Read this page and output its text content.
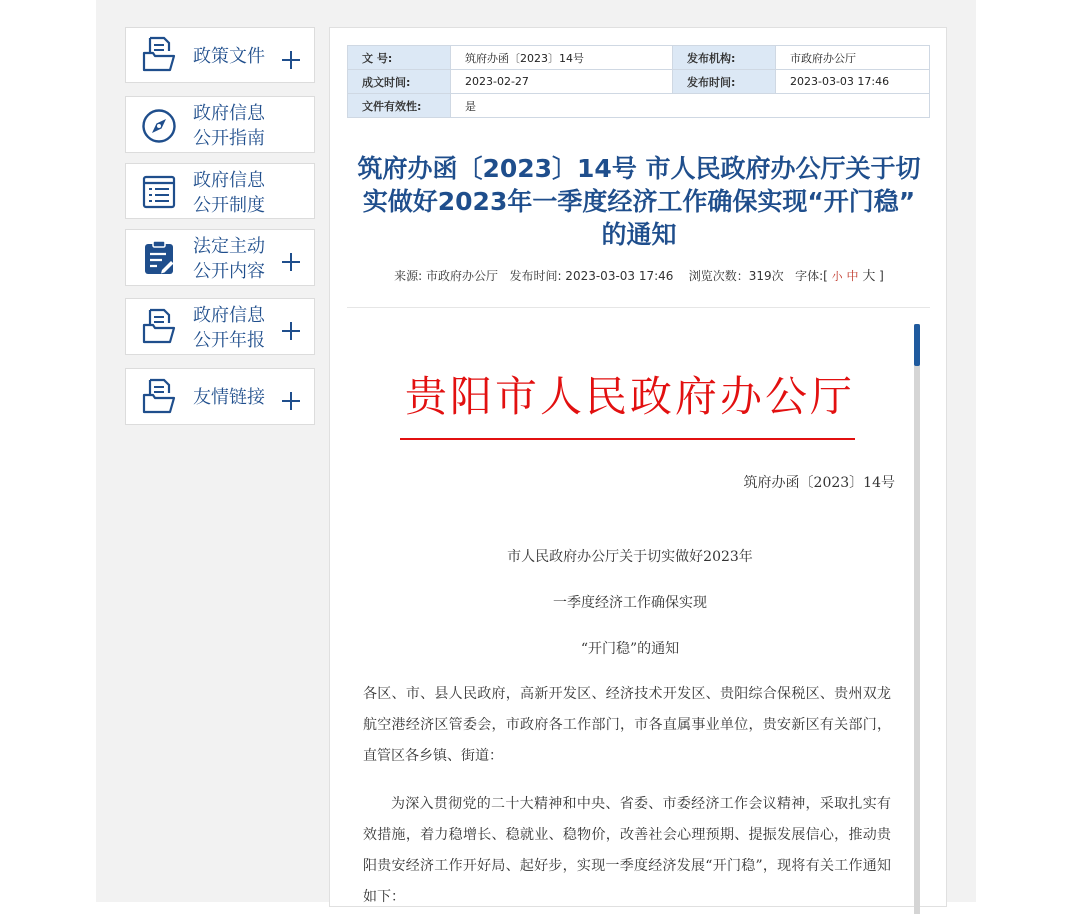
政策文件
政府信息
公开指南
政府信息
公开制度
法定主动
公开内容
政府信息
公开年报
友情链接
文 号:	筑府办函〔2023〕14号	发布机构:	市政府办公厅
成文时间:	2023-02-27	发布时间:	2023-03-03 17:46
文件有效性:	是		
筑府办函〔2023〕14号 市人民政府办公厅关于切
实做好2023年一季度经济工作确保实现“开门稳”
的通知
来源: 市政府办公厅 发布时间: 2023-03-03 17:46 浏览次数：319次 字体:[ 小 中 大 ]
贵阳市人民政府办公厅
筑府办函〔2023〕14号
市人民政府办公厅关于切实做好2023年
一季度经济工作确保实现
“开门稳”的通知
各区、市、县人民政府，高新开发区、经济技术开发区、贵阳综合保税区、贵州双龙航空港经济区管委会，市政府各工作部门，市各直属事业单位，贵安新区有关部门，直管区各乡镇、街道：
为深入贯彻党的二十大精神和中央、省委、市委经济工作会议精神，采取扎实有效措施，着力稳增长、稳就业、稳物价，改善社会心理预期、提振发展信心，推动贵阳贵安经济工作开好局、起好步，实现一季度经济发展“开门稳”，现将有关工作通知如下：
